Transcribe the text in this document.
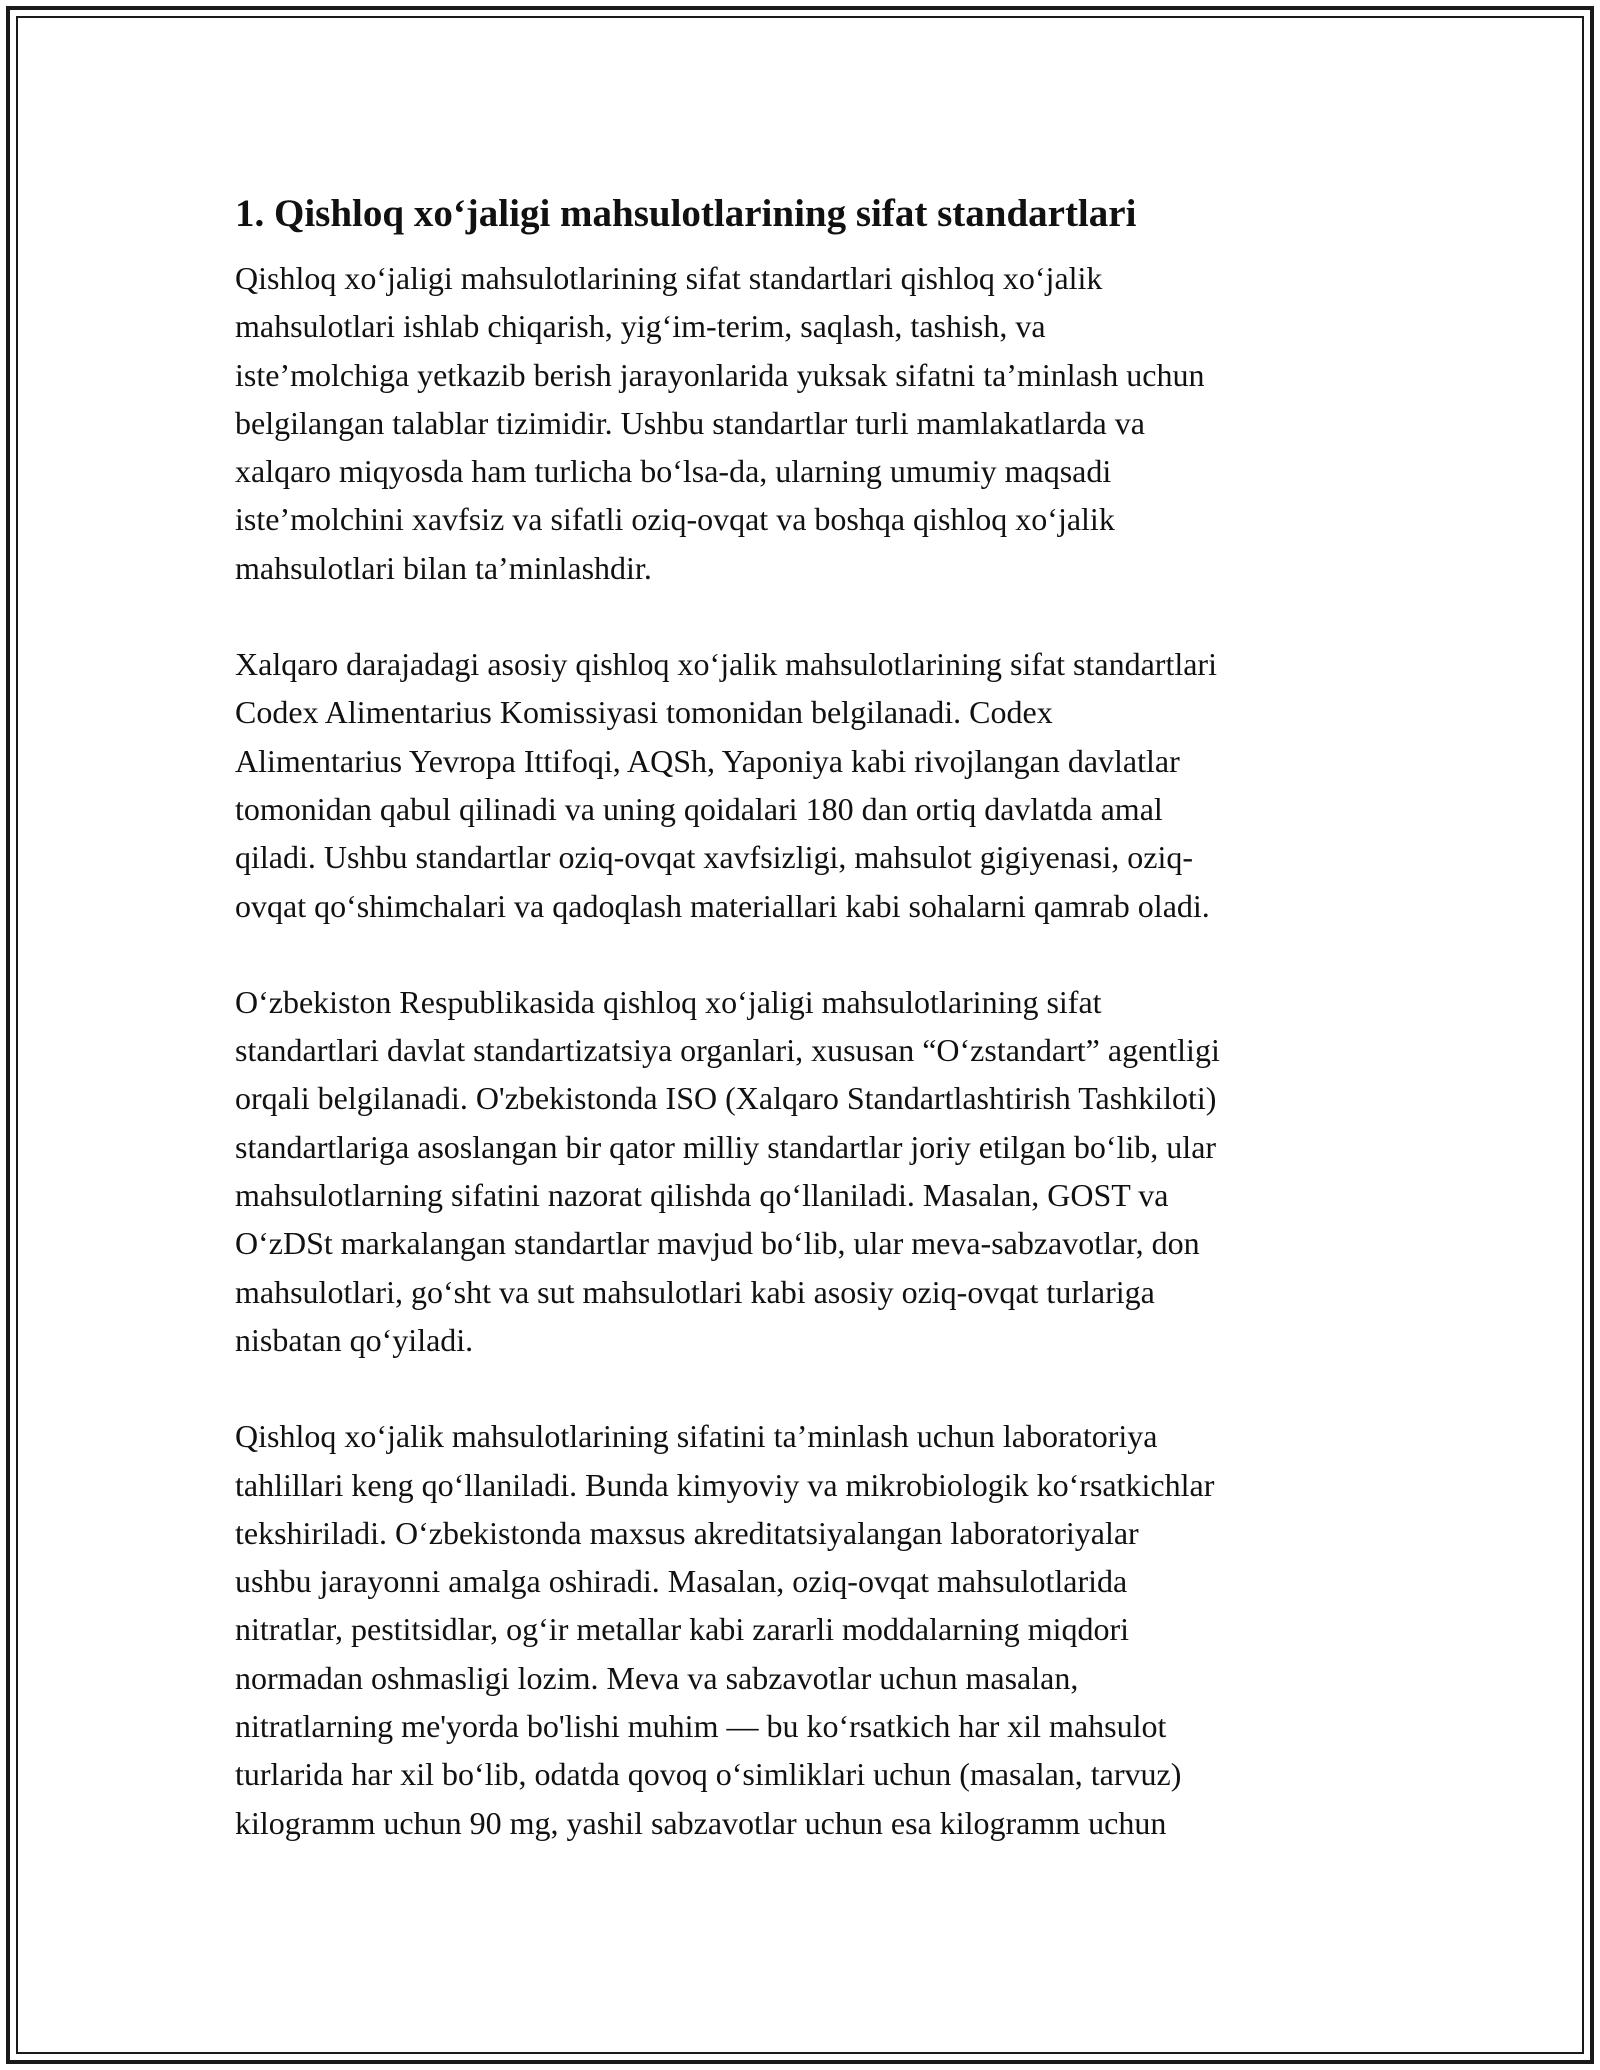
1. Qishloq xo‘jaligi mahsulotlarining sifat standartlari
Qishloq xo‘jaligi mahsulotlarining sifat standartlari qishloq xo‘jalik
mahsulotlari ishlab chiqarish, yig‘im-terim, saqlash, tashish, va
iste’molchiga yetkazib berish jarayonlarida yuksak sifatni ta’minlash uchun
belgilangan talablar tizimidir. Ushbu standartlar turli mamlakatlarda va
xalqaro miqyosda ham turlicha bo‘lsa-da, ularning umumiy maqsadi
iste’molchini xavfsiz va sifatli oziq-ovqat va boshqa qishloq xo‘jalik
mahsulotlari bilan ta’minlashdir.
Xalqaro darajadagi asosiy qishloq xo‘jalik mahsulotlarining sifat standartlari
Codex Alimentarius Komissiyasi tomonidan belgilanadi. Codex
Alimentarius Yevropa Ittifoqi, AQSh, Yaponiya kabi rivojlangan davlatlar
tomonidan qabul qilinadi va uning qoidalari 180 dan ortiq davlatda amal
qiladi. Ushbu standartlar oziq-ovqat xavfsizligi, mahsulot gigiyenasi, oziq-
ovqat qo‘shimchalari va qadoqlash materiallari kabi sohalarni qamrab oladi.
O‘zbekiston Respublikasida qishloq xo‘jaligi mahsulotlarining sifat
standartlari davlat standartizatsiya organlari, xususan “O‘zstandart” agentligi
orqali belgilanadi. O'zbekistonda ISO (Xalqaro Standartlashtirish Tashkiloti)
standartlariga asoslangan bir qator milliy standartlar joriy etilgan bo‘lib, ular
mahsulotlarning sifatini nazorat qilishda qo‘llaniladi. Masalan, GOST va
O‘zDSt markalangan standartlar mavjud bo‘lib, ular meva-sabzavotlar, don
mahsulotlari, go‘sht va sut mahsulotlari kabi asosiy oziq-ovqat turlariga
nisbatan qo‘yiladi.
Qishloq xo‘jalik mahsulotlarining sifatini ta’minlash uchun laboratoriya
tahlillari keng qo‘llaniladi. Bunda kimyoviy va mikrobiologik ko‘rsatkichlar
tekshiriladi. O‘zbekistonda maxsus akreditatsiyalangan laboratoriyalar
ushbu jarayonni amalga oshiradi. Masalan, oziq-ovqat mahsulotlarida
nitratlar, pestitsidlar, og‘ir metallar kabi zararli moddalarning miqdori
normadan oshmasligi lozim. Meva va sabzavotlar uchun masalan,
nitratlarning me'yorda bo'lishi muhim — bu ko‘rsatkich har xil mahsulot
turlarida har xil bo‘lib, odatda qovoq o‘simliklari uchun (masalan, tarvuz)
kilogramm uchun 90 mg, yashil sabzavotlar uchun esa kilogramm uchun
